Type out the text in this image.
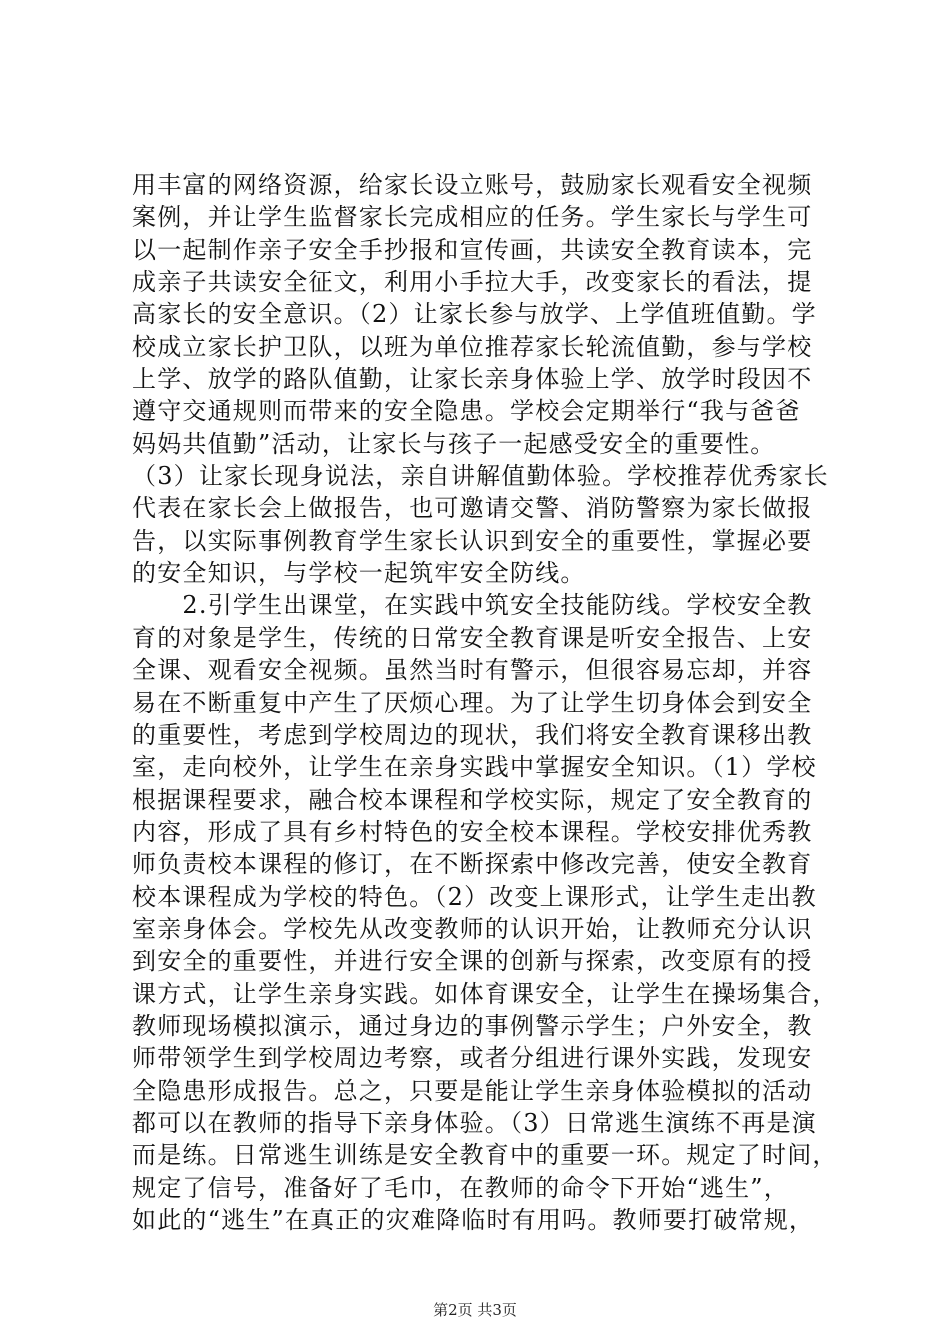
用丰富的网络资源，给家长设立账号，鼓励家长观看安全视频
案例，并让学生监督家长完成相应的任务。学生家长与学生可
以一起制作亲子安全手抄报和宣传画，共读安全教育读本，完
成亲子共读安全征文，利用小手拉大手，改变家长的看法，提
高家长的安全意识。（2）让家长参与放学、上学值班值勤。学
校成立家长护卫队，以班为单位推荐家长轮流值勤，参与学校
上学、放学的路队值勤，让家长亲身体验上学、放学时段因不
遵守交通规则而带来的安全隐患。学校会定期举行“我与爸爸
妈妈共值勤”活动，让家长与孩子一起感受安全的重要性。
（3）让家长现身说法，亲自讲解值勤体验。学校推荐优秀家长
代表在家长会上做报告，也可邀请交警、消防警察为家长做报
告，以实际事例教育学生家长认识到安全的重要性，掌握必要
的安全知识，与学校一起筑牢安全防线。
　　2.引学生出课堂，在实践中筑安全技能防线。学校安全教
育的对象是学生，传统的日常安全教育课是听安全报告、上安
全课、观看安全视频。虽然当时有警示，但很容易忘却，并容
易在不断重复中产生了厌烦心理。为了让学生切身体会到安全
的重要性，考虑到学校周边的现状，我们将安全教育课移出教
室，走向校外，让学生在亲身实践中掌握安全知识。（1）学校
根据课程要求，融合校本课程和学校实际，规定了安全教育的
内容，形成了具有乡村特色的安全校本课程。学校安排优秀教
师负责校本课程的修订，在不断探索中修改完善，使安全教育
校本课程成为学校的特色。（2）改变上课形式，让学生走出教
室亲身体会。学校先从改变教师的认识开始，让教师充分认识
到安全的重要性，并进行安全课的创新与探索，改变原有的授
课方式，让学生亲身实践。如体育课安全，让学生在操场集合，
教师现场模拟演示，通过身边的事例警示学生；户外安全，教
师带领学生到学校周边考察，或者分组进行课外实践，发现安
全隐患形成报告。总之，只要是能让学生亲身体验模拟的活动
都可以在教师的指导下亲身体验。（3）日常逃生演练不再是演
而是练。日常逃生训练是安全教育中的重要一环。规定了时间，
规定了信号，准备好了毛巾，在教师的命令下开始“逃生”，
如此的“逃生”在真正的灾难降临时有用吗。教师要打破常规，
第2页 共3页
